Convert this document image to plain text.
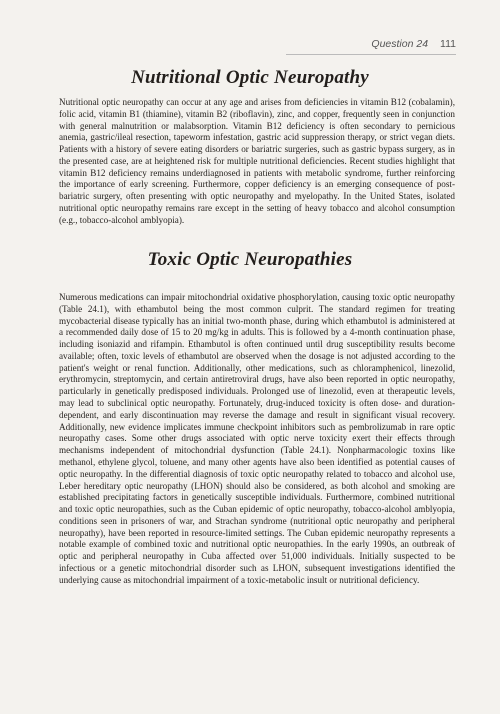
Question 24 111
Nutritional Optic Neuropathy

Nutritional optic neuropathy can occur at any age and arises from deficiencies in vitamin B12 (cobalamin), folic acid, vitamin B1 (thiamine), vitamin B2 (riboflavin), zinc, and copper, frequently seen in conjunction with general malnutrition or malabsorption. Vitamin B12 deficiency is often secondary to pernicious anemia, gastric/ileal resection, tapeworm infestation, gastric acid suppression therapy, or strict vegan diets. Patients with a history of severe eating disorders or bariatric surgeries, such as gastric bypass surgery, as in the presented case, are at heightened risk for multiple nutritional deficiencies. Recent studies highlight that vitamin B12 deficiency remains underdiagnosed in patients with metabolic syndrome, further reinforcing the importance of early screening. Furthermore, copper deficiency is an emerging consequence of post-bariatric surgery, often presenting with optic neuropathy and myelopathy. In the United States, isolated nutritional optic neuropathy remains rare except in the setting of heavy tobacco and alcohol consumption (e.g., tobacco-alcohol amblyopia).

Toxic Optic Neuropathies

Numerous medications can impair mitochondrial oxidative phosphorylation, causing toxic optic neuropathy (Table 24.1), with ethambutol being the most common culprit. The standard regimen for treating mycobacterial disease typically has an initial two-month phase, during which ethambutol is administered at a recommended daily dose of 15 to 20 mg/kg in adults. This is followed by a 4-month continuation phase, including isoniazid and rifampin. Ethambutol is often continued until drug susceptibility results become available; often, toxic levels of ethambutol are observed when the dosage is not adjusted according to the patient's weight or renal function. Additionally, other medications, such as chloramphenicol, linezolid, erythromycin, streptomycin, and certain antiretroviral drugs, have also been reported in optic neuropathy, particularly in genetically predisposed individuals. Prolonged use of linezolid, even at therapeutic levels, may lead to subclinical optic neuropathy. Fortunately, drug-induced toxicity is often dose- and duration-dependent, and early discontinuation may reverse the damage and result in significant visual recovery. Additionally, new evidence implicates immune checkpoint inhibitors such as pembrolizumab in rare optic neuropathy cases. Some other drugs associated with optic nerve toxicity exert their effects through mechanisms independent of mitochondrial dysfunction (Table 24.1). Nonpharmacologic toxins like methanol, ethylene glycol, toluene, and many other agents have also been identified as potential causes of optic neuropathy. In the differential diagnosis of toxic optic neuropathy related to tobacco and alcohol use, Leber hereditary optic neuropathy (LHON) should also be considered, as both alcohol and smoking are established precipitating factors in genetically susceptible individuals. Furthermore, combined nutritional and toxic optic neuropathies, such as the Cuban epidemic of optic neuropathy, tobacco-alcohol amblyopia, conditions seen in prisoners of war, and Strachan syndrome (nutritional optic neuropathy and peripheral neuropathy), have been reported in resource-limited settings. The Cuban epidemic neuropathy represents a notable example of combined toxic and nutritional optic neuropathies. In the early 1990s, an outbreak of optic and peripheral neuropathy in Cuba affected over 51,000 individuals. Initially suspected to be infectious or a genetic mitochondrial disorder such as LHON, subsequent investigations identified the underlying cause as mitochondrial impairment of a toxic-metabolic insult or nutritional deficiency.
